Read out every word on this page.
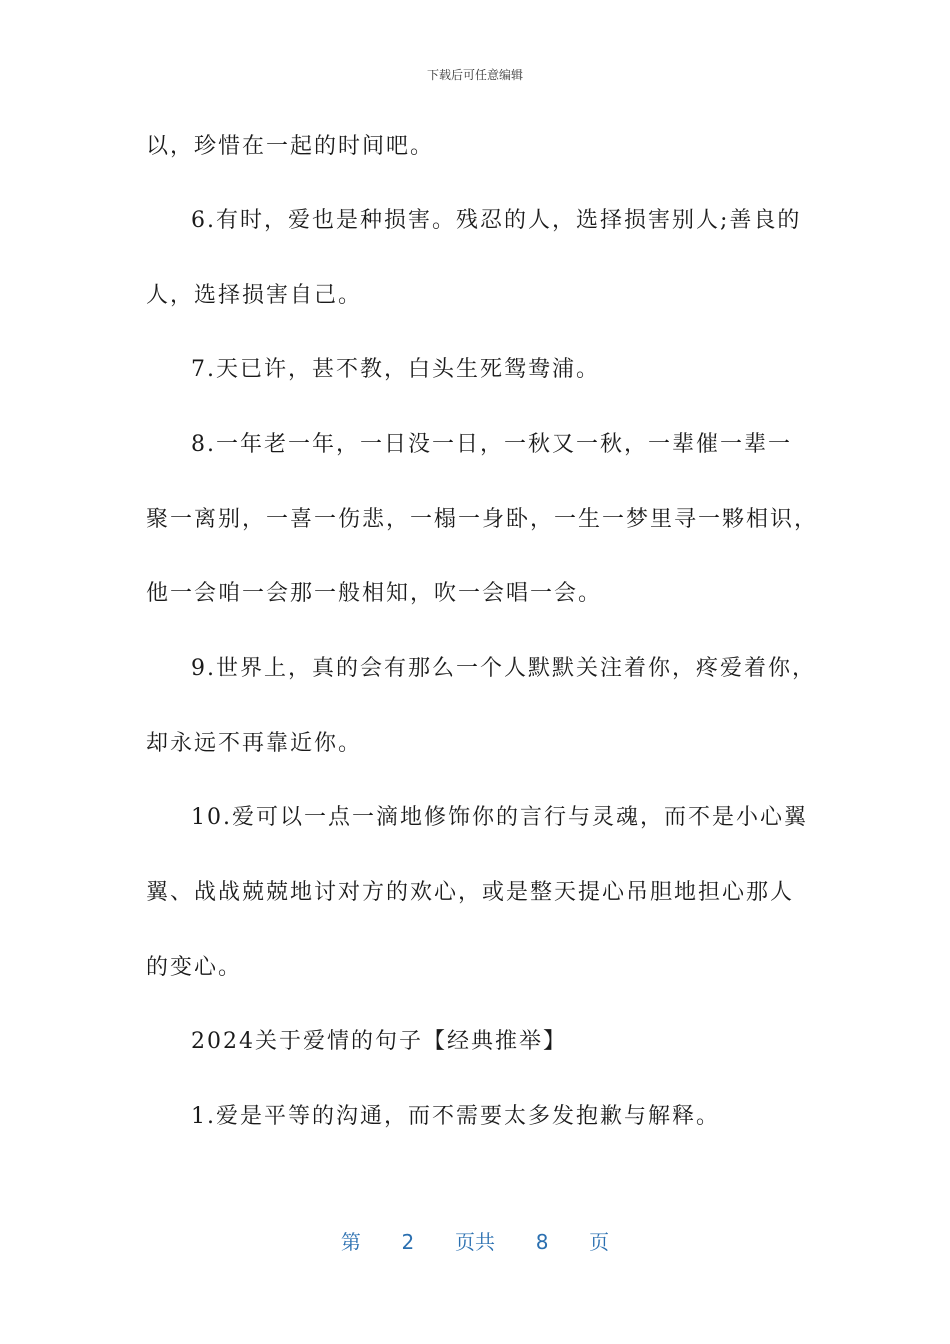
下载后可任意编辑
以，珍惜在一起的时间吧。
6.有时，爱也是种损害。残忍的人，选择损害别人;善良的
人，选择损害自己。
7.天已许，甚不教，白头生死鸳鸯浦。
8.一年老一年，一日没一日，一秋又一秋，一辈催一辈一
聚一离别，一喜一伤悲，一榻一身卧，一生一梦里寻一夥相识，
他一会咱一会那一般相知，吹一会唱一会。
9.世界上，真的会有那么一个人默默关注着你，疼爱着你，
却永远不再靠近你。
10.爱可以一点一滴地修饰你的言行与灵魂，而不是小心翼
翼、战战兢兢地讨对方的欢心，或是整天提心吊胆地担心那人
的变心。
2024关于爱情的句子【经典推举】
1.爱是平等的沟通，而不需要太多发抱歉与解释。
第 2 页共 8 页
